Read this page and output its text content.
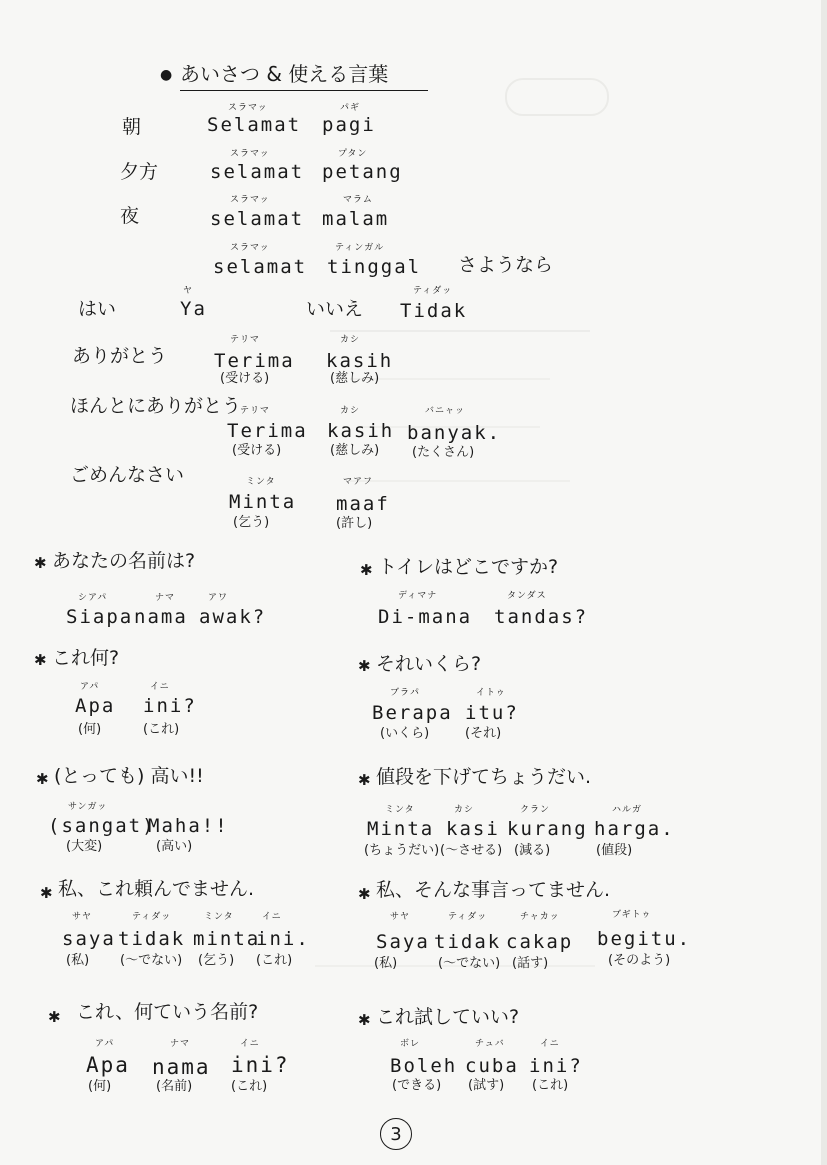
● あいさつ & 使える言葉
朝
スラマッ
Selamat
パギ
pagi
夕方
スラマッ
selamat
プタン
petang
夜
スラマッ
selamat
マラム
malam
スラマッ
selamat
ティンガル
tinggal さようなら
はい
ヤ
Ya	いいえ
ティダッ
Tidak
ありがとう
テリマ
Terima
(受ける)
カシ
kasih
(慈しみ)
ほんとにありがとう
テリマ
Terima
(受ける)
カシ
kasih
(慈しみ)
バニャッ
banyak.
(たくさん)
ごめんなさい	ミンタ
Minta
(乞う)
マアフ
maaf
(許し)
✱ あなたの名前は?
シアパ
Siapa
ナマ
nama
アワ
awak?
✱ トイレはどこですか?
ディマナ
Di-mana
タンダス
tandas?
✱ これ何?
アパ
Apa
(何)
イニ
ini?
(これ)
✱ それいくら?
ブラパ
Berapa
(いくら)
イトゥ
itu?
(それ)
✱ (とっても) 高い!!
サンガッ
(sangat)
(大変)
Maha!!
(高い)
✱ 値段を下げてちょうだい.
ミンタ
Minta
(ちょうだい)
カシ
kasi
(〜させる)
クラン
kurang
(減る)
ハルガ
harga.
(値段)
✱ 私、これ頼んでません.
サヤ
saya
(私)
ティダッ
tidak
(〜でない)
ミンタ
minta
(乞う)
イニ
ini.
(これ)
✱ 私、そんな事言ってません.
サヤ
Saya
(私)
ティダッ
tidak
(〜でない)
チャカッ
cakap
(話す)
ブギトゥ
begitu.
(そのよう)
✱ これ、何ていう名前?
アパ
Apa
(何)
ナマ
nama
(名前)
イニ
ini?
(これ)
✱ これ試していい?
ボレ
Boleh
(できる)
チュバ
cuba
(試す)
イニ
ini?
(これ)
3
